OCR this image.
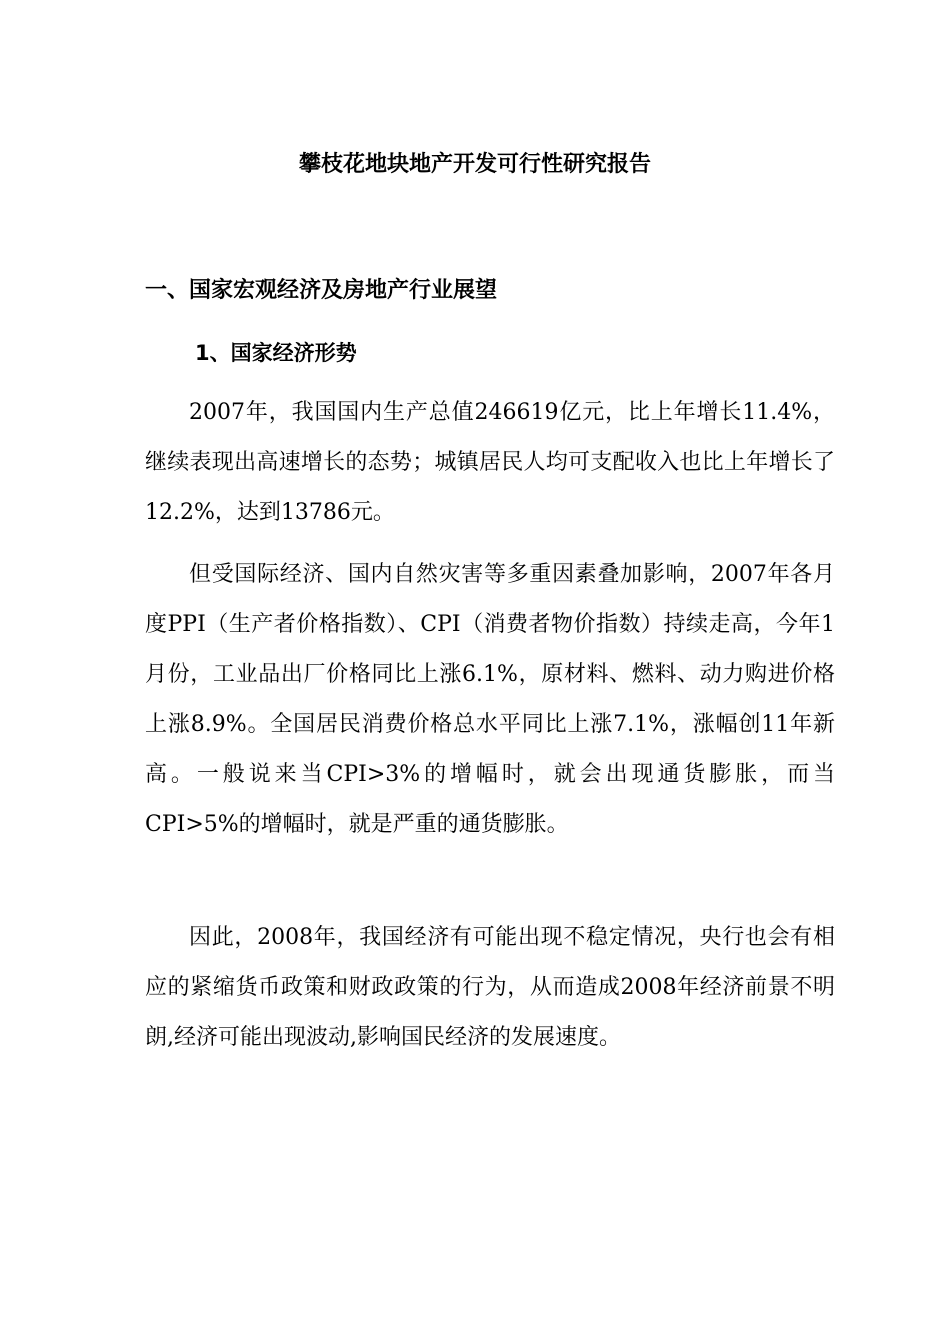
攀枝花地块地产开发可行性研究报告
一、国家宏观经济及房地产行业展望
1、国家经济形势

2007年，我国国内生产总值246619亿元，比上年增长11.4%，继续表现出高速增长的态势；城镇居民人均可支配收入也比上年增长了12.2%，达到13786元。

但受国际经济、国内自然灾害等多重因素叠加影响，2007年各月度PPI（生产者价格指数）、CPI（消费者物价指数）持续走高，今年1月份，工业品出厂价格同比上涨6.1%，原材料、燃料、动力购进价格上涨8.9%。全国居民消费价格总水平同比上涨7.1%，涨幅创11年新高。一般说来当CPI>3%的增幅时，就会出现通货膨胀，而当CPI>5%的增幅时，就是严重的通货膨胀。

因此，2008年，我国经济有可能出现不稳定情况，央行也会有相应的紧缩货币政策和财政政策的行为，从而造成2008年经济前景不明朗,经济可能出现波动,影响国民经济的发展速度。
